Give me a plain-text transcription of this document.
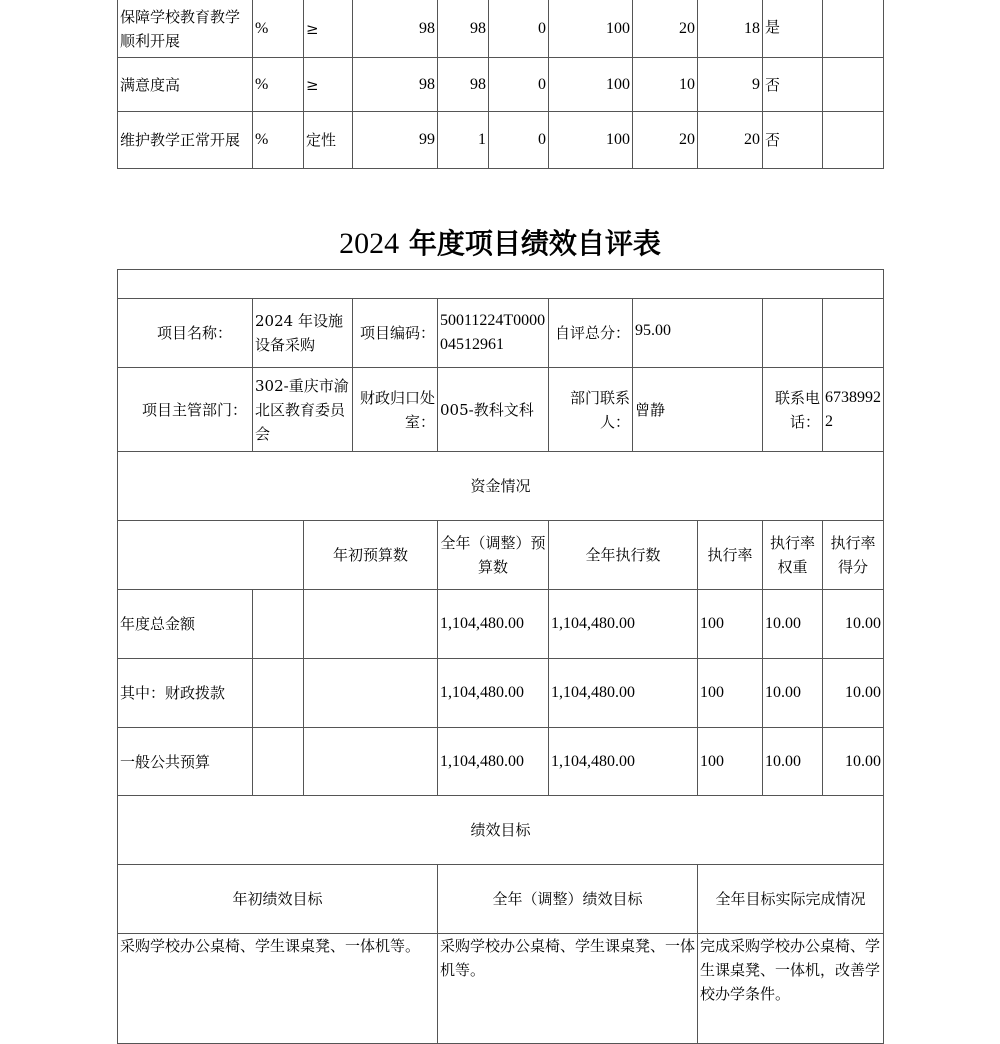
保障学校教育教学顺利开展	%	≥	98	98	0	100	20	18	是	
满意度高	%	≥	98	98	0	100	10	9	否	
维护教学正常开展	%	定性	99	1	0	100	20	20	否	
2024 年度项目绩效自评表

项目名称：	2024 年设施设备采购		项目编码：	50011224T000004512961	自评总分：	95.00			
项目主管部门：	302-重庆市渝北区教育委员会		财政归口处室：	005-教科文科	部门联系人：	曾静		联系电话：	67389922
资金情况									
		年初预算数		全年（调整）预算数	全年执行数		执行率	执行率权重	执行率得分
年度总金额				1,104,480.00	1,104,480.00		100	10.00	10.00
其中：财政拨款				1,104,480.00	1,104,480.00		100	10.00	10.00
一般公共预算				1,104,480.00	1,104,480.00		100	10.00	10.00
绩效目标									
年初绩效目标				全年（调整）绩效目标			全年目标实际完成情况		
采购学校办公桌椅、学生课桌凳、一体机等。				采购学校办公桌椅、学生课桌凳、一体机等。			完成采购学校办公桌椅、学生课桌凳、一体机，改善学校办学条件。		
